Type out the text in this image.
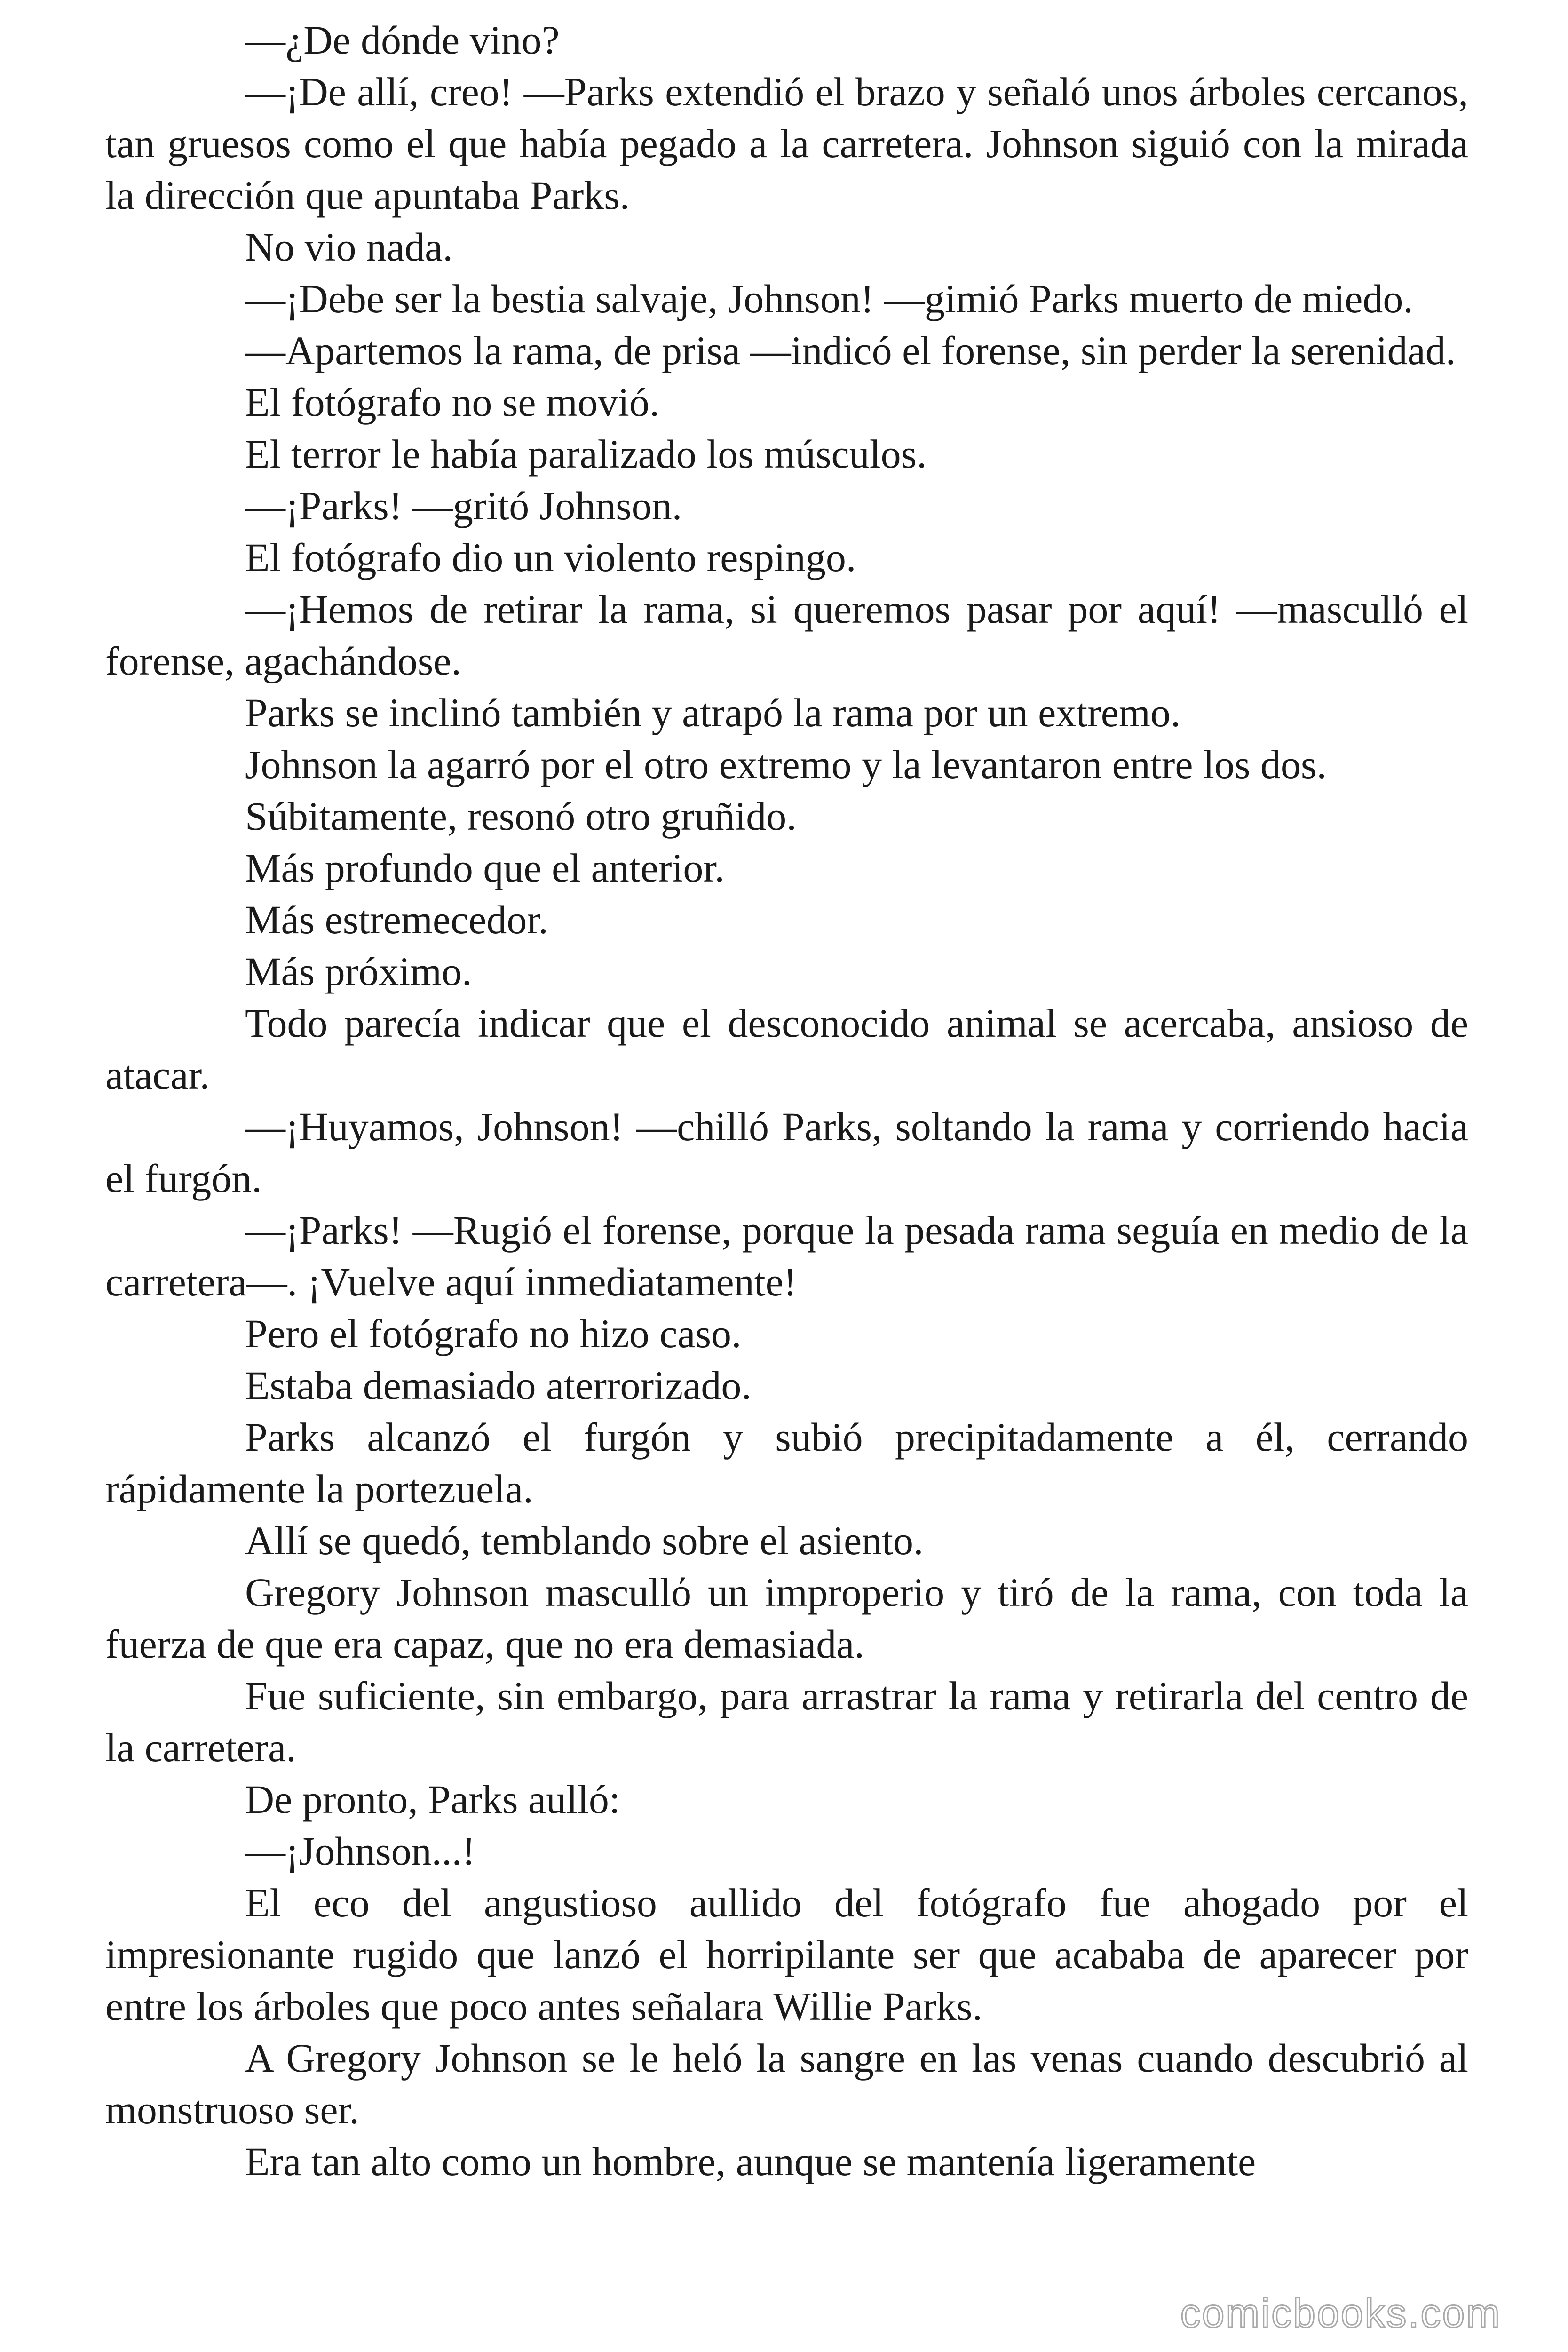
—¿De dónde vino?

—¡De allí, creo! —Parks extendió el brazo y señaló unos árboles cercanos, tan gruesos como el que había pegado a la carretera. Johnson siguió con la mirada la dirección que apuntaba Parks.

No vio nada.

—¡Debe ser la bestia salvaje, Johnson! —gimió Parks muerto de miedo.

—Apartemos la rama, de prisa —indicó el forense, sin perder la serenidad.

El fotógrafo no se movió.

El terror le había paralizado los músculos.

—¡Parks! —gritó Johnson.

El fotógrafo dio un violento respingo.

—¡Hemos de retirar la rama, si queremos pasar por aquí! —mascullό el forense, agachándose.

Parks se inclinó también y atrapó la rama por un extremo.

Johnson la agarró por el otro extremo y la levantaron entre los dos.

Súbitamente, resonó otro gruñido.

Más profundo que el anterior.

Más estremecedor.

Más próximo.

Todo parecía indicar que el desconocido animal se acercaba, ansioso de atacar.

—¡Huyamos, Johnson! —chilló Parks, soltando la rama y corriendo hacia el furgón.

—¡Parks! —Rugió el forense, porque la pesada rama seguía en medio de la carretera—. ¡Vuelve aquí inmediatamente!

Pero el fotógrafo no hizo caso.

Estaba demasiado aterrorizado.

Parks alcanzó el furgón y subió precipitadamente a él, cerrando rápidamente la portezuela.

Allí se quedó, temblando sobre el asiento.

Gregory Johnson mascullό un improperio y tiró de la rama, con toda la fuerza de que era capaz, que no era demasiada.

Fue suficiente, sin embargo, para arrastrar la rama y retirarla del centro de la carretera.

De pronto, Parks aulló:

—¡Johnson...!

El eco del angustioso aullido del fotógrafo fue ahogado por el impresionante rugido que lanzó el horripilante ser que acababa de aparecer por entre los árboles que poco antes señalara Willie Parks.

A Gregory Johnson se le heló la sangre en las venas cuando descubrió al monstruoso ser.

Era tan alto como un hombre, aunque se mantenía ligeramente

comicbooks.com
